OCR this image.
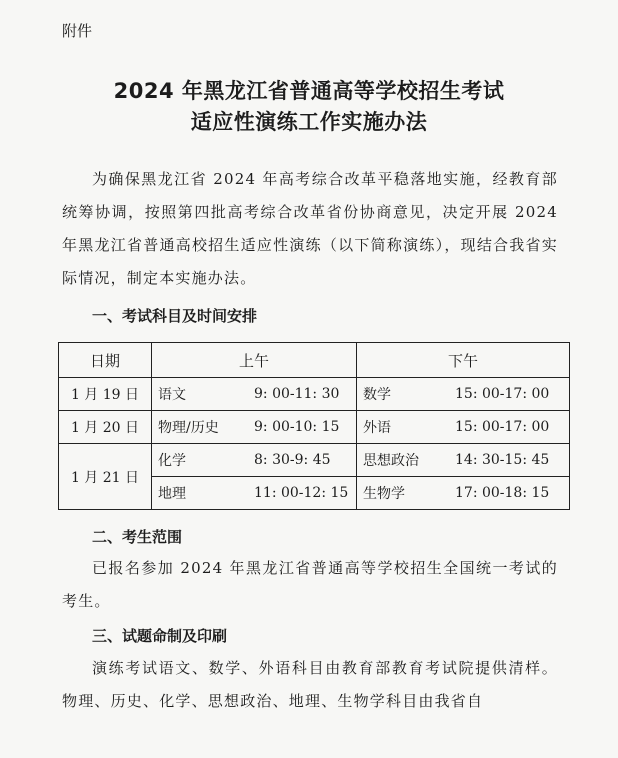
附件
2024 年黑龙江省普通高等学校招生考试
适应性演练工作实施办法
为确保黑龙江省 2024 年高考综合改革平稳落地实施，经教育部统筹协调，按照第四批高考综合改革省份协商意见，决定开展 2024 年黑龙江省普通高校招生适应性演练（以下简称演练），现结合我省实际情况，制定本实施办法。
一、考试科目及时间安排
日期	上午		下午	
1 月 19 日	语文	9: 00-11: 30	数学	15: 00-17: 00
1 月 20 日	物理/历史	9: 00-10: 15	外语	15: 00-17: 00
1 月 21 日	化学	8: 30-9: 45	思想政治	14: 30-15: 45
	地理	11: 00-12: 15	生物学	17: 00-18: 15
二、考生范围
已报名参加 2024 年黑龙江省普通高等学校招生全国统一考试的考生。
三、试题命制及印刷
演练考试语文、数学、外语科目由教育部教育考试院提供清样。物理、历史、化学、思想政治、地理、生物学科目由我省自
